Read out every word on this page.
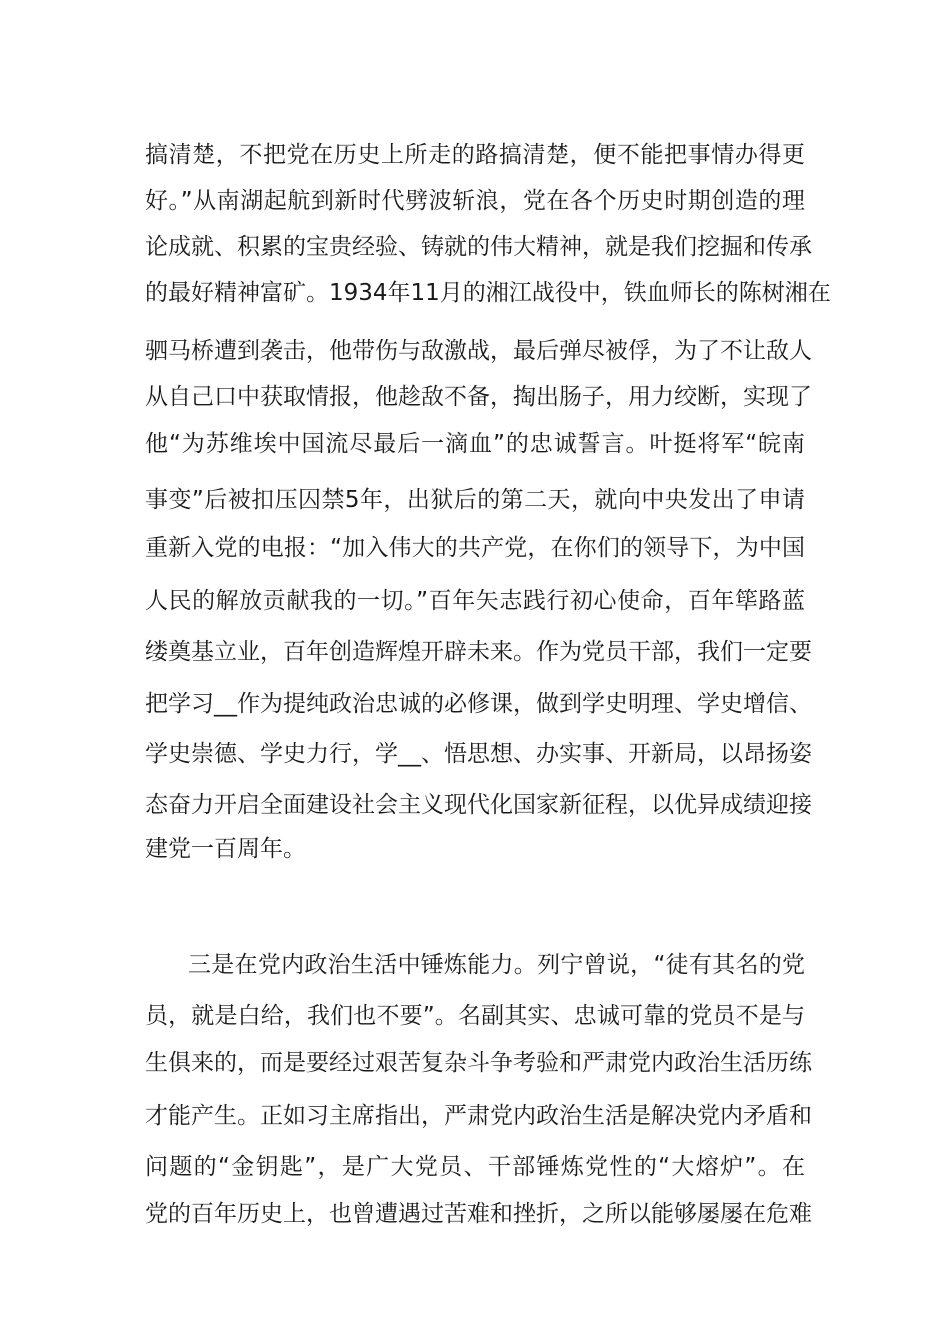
搞清楚，不把党在历史上所走的路搞清楚，便不能把事情办得更
好。”从南湖起航到新时代劈波斩浪，党在各个历史时期创造的理
论成就、积累的宝贵经验、铸就的伟大精神，就是我们挖掘和传承
的最好精神富矿。1934年11月的湘江战役中，铁血师长的陈树湘在
驷马桥遭到袭击，他带伤与敌激战，最后弹尽被俘，为了不让敌人
从自己口中获取情报，他趁敌不备，掏出肠子，用力绞断，实现了
他“为苏维埃中国流尽最后一滴血”的忠诚誓言。叶挺将军“皖南
事变”后被扣压囚禁5年，出狱后的第二天，就向中央发出了申请
重新入党的电报：“加入伟大的共产党，在你们的领导下，为中国
人民的解放贡献我的一切。”百年矢志践行初心使命，百年筚路蓝
缕奠基立业，百年创造辉煌开辟未来。作为党员干部，我们一定要
把学习__作为提纯政治忠诚的必修课，做到学史明理、学史增信、
学史崇德、学史力行，学__、悟思想、办实事、开新局，以昂扬姿
态奋力开启全面建设社会主义现代化国家新征程，以优异成绩迎接
建党一百周年。
三是在党内政治生活中锤炼能力。列宁曾说，“徒有其名的党
员，就是白给，我们也不要”。名副其实、忠诚可靠的党员不是与
生俱来的，而是要经过艰苦复杂斗争考验和严肃党内政治生活历练
才能产生。正如习主席指出，严肃党内政治生活是解决党内矛盾和
问题的“金钥匙”，是广大党员、干部锤炼党性的“大熔炉”。在
党的百年历史上，也曾遭遇过苦难和挫折，之所以能够屡屡在危难
